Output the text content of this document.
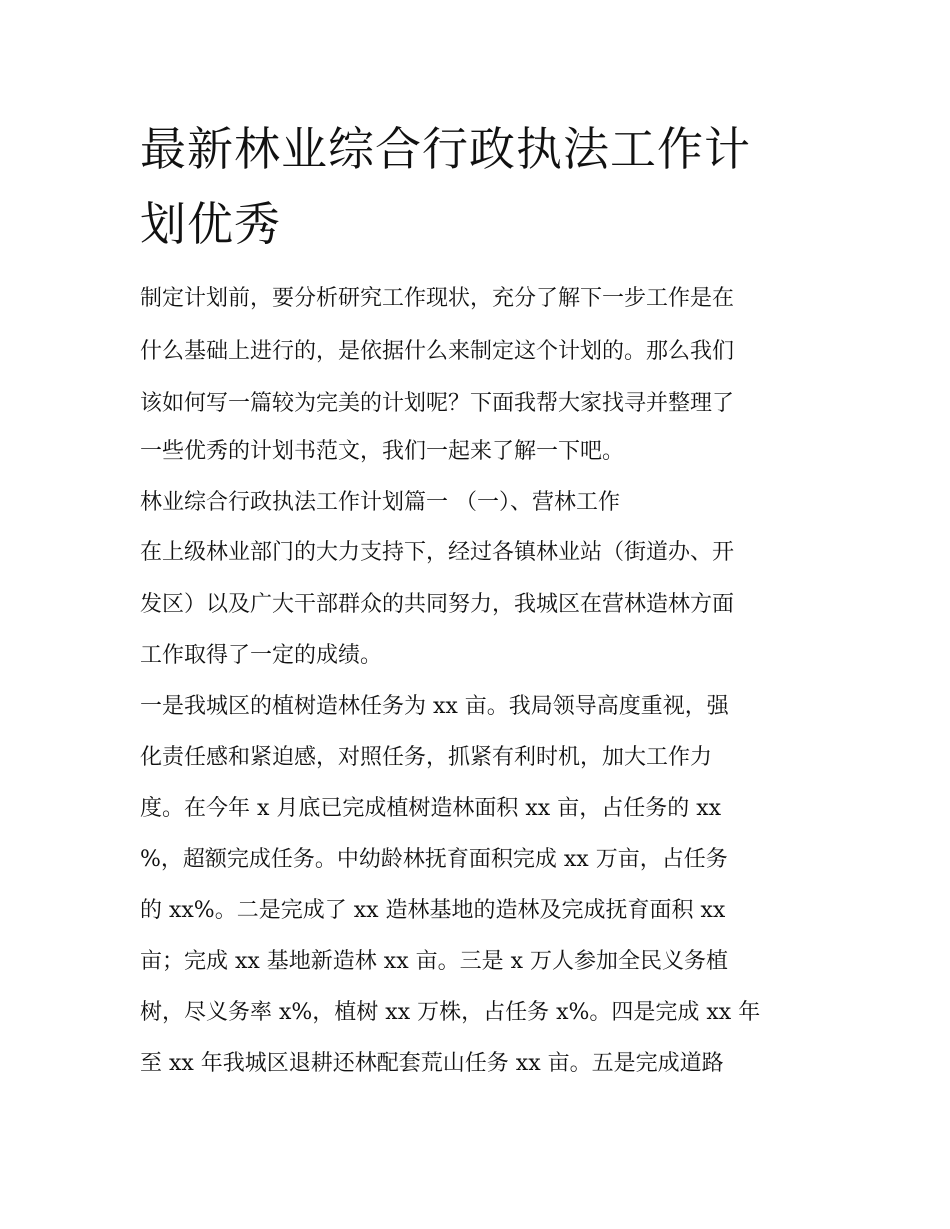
最新林业综合行政执法工作计
划优秀

制定计划前，要分析研究工作现状，充分了解下一步工作是在

什么基础上进行的，是依据什么来制定这个计划的。那么我们

该如何写一篇较为完美的计划呢？下面我帮大家找寻并整理了

一些优秀的计划书范文，我们一起来了解一下吧。

林业综合行政执法工作计划篇一 （一）、营林工作

在上级林业部门的大力支持下，经过各镇林业站（街道办、开

发区）以及广大干部群众的共同努力，我城区在营林造林方面

工作取得了一定的成绩。

一是我城区的植树造林任务为 xx 亩。我局领导高度重视，强

化责任感和紧迫感，对照任务，抓紧有利时机，加大工作力

度。在今年 x 月底已完成植树造林面积 xx 亩，占任务的 xx

%，超额完成任务。中幼龄林抚育面积完成 xx 万亩，占任务

的 xx%。二是完成了 xx 造林基地的造林及完成抚育面积 xx

亩；完成 xx 基地新造林 xx 亩。三是 x 万人参加全民义务植

树，尽义务率 x%，植树 xx 万株，占任务 x%。四是完成 xx 年

至 xx 年我城区退耕还林配套荒山任务 xx 亩。五是完成道路
